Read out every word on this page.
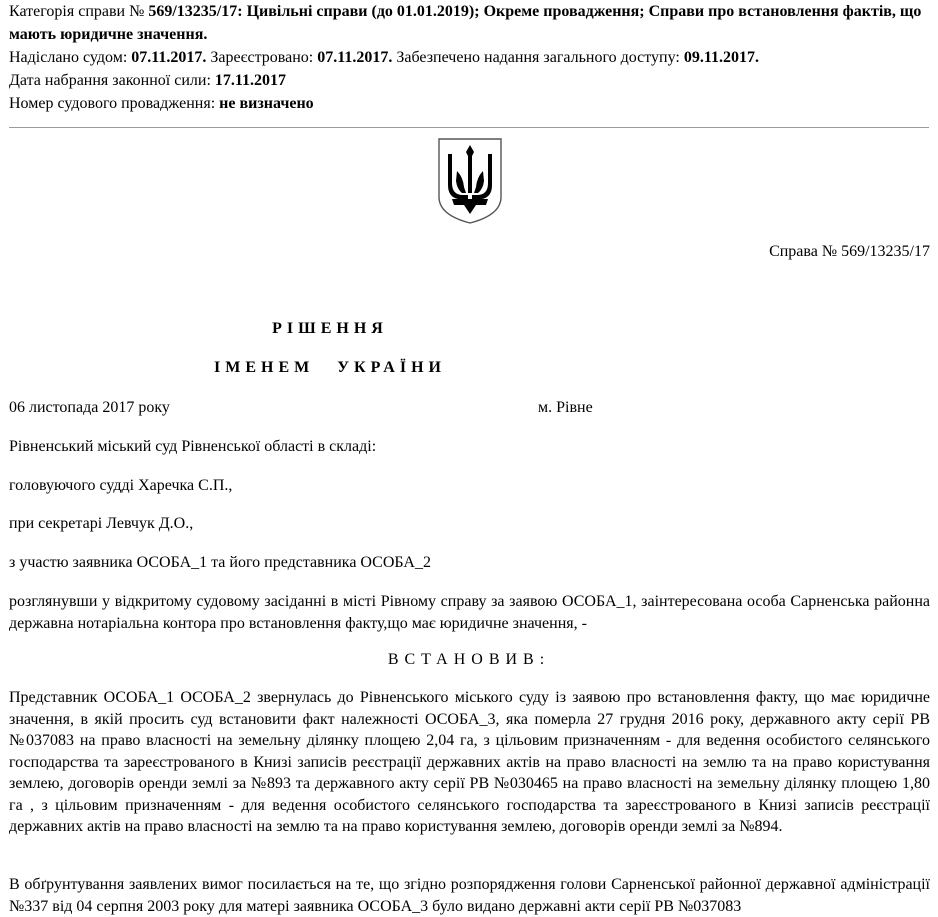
Категорія справи № 569/13235/17: Цивільні справи (до 01.01.2019); Окреме провадження; Справи про встановлення фактів, що мають юридичне значення.
Надіслано судом: 07.11.2017. Зареєстровано: 07.11.2017. Забезпечено надання загального доступу: 09.11.2017.
Дата набрання законної сили: 17.11.2017
Номер судового провадження: не визначено
Справа № 569/13235/17
РІШЕННЯ
ІМЕНЕМ УКРАЇНИ
06 листопада 2017 року	м. Рівне
Рівненський міський суд Рівненської області в складі:
головуючого судді Харечка С.П.,
при секретарі Левчук Д.О.,
з участю заявника ОСОБА_1 та його представника ОСОБА_2
розглянувши у відкритому судовому засіданні в місті Рівному справу за заявою ОСОБА_1, заінтересована особа Сарненська районна державна нотаріальна контора про встановлення факту,що має юридичне значення, -
ВСТАНОВИВ:
Представник ОСОБА_1 ОСОБА_2 звернулась до Рівненського міського суду із заявою про встановлення факту, що має юридичне значення, в якій просить суд встановити факт належності ОСОБА_3, яка померла 27 грудня 2016 року, державного акту серії РВ №037083 на право власності на земельну ділянку площею 2,04 га, з цільовим призначенням - для ведення особистого селянського господарства та зареєстрованого в Книзі записів реєстрації державних актів на право власності на землю та на право користування землею, договорів оренди землі за №893 та державного акту серії РВ №030465 на право власності на земельну ділянку площею 1,80 га , з цільовим призначенням - для ведення особистого селянського господарства та зареєстрованого в Книзі записів реєстрації державних актів на право власності на землю та на право користування землею, договорів оренди землі за №894.
В обґрунтування заявлених вимог посилається на те, що згідно розпорядження голови Сарненської районної державної адміністрації №337 від 04 серпня 2003 року для матері заявника ОСОБА_3 було видано державні акти серії РВ №037083
